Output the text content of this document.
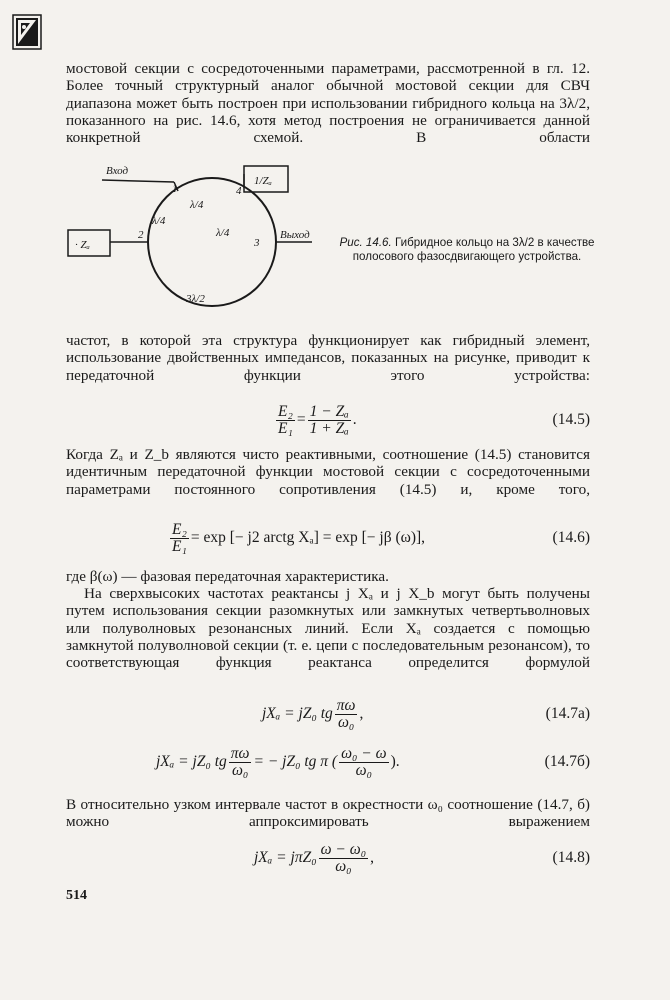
мостовой секции с сосредоточенными параметрами, рассмотренной в гл. 12. Более точный структурный аналог обычной мостовой секции для СВЧ диапазона может быть построен при использовании гибридного кольца на 3λ/2, показанного на рис. 14.6, хотя метод построения не ограничивается данной конкретной схемой. В области

Вход
Выход
1/Zₐ
· Zₐ
1
2
3
4
λ/4
λ/4
λ/4
3λ/2
Рис. 14.6. Гибридное кольцо на 3λ/2 в качестве полосового фазосдвигающего устройства.

частот, в которой эта структура функционирует как гибридный элемент, использование двойственных импедансов, показанных на рисунке, приводит к передаточной функции этого устройства:

$\frac{\text{E₂}}{\text{E₁}} = \frac{\text{1 − Zₐ}}{\text{1 + Zₐ}}$ .	(14.5)

Когда Zₐ и Z_b являются чисто реактивными, соотношение (14.5) становится идентичным передаточной функции мостовой секции с сосредоточенными параметрами постоянного сопротивления (14.5) и, кроме того,

$\frac{\text{E₂}}{\text{E₁}} = \exp$ [− j2 arctg Xₐ] = exp [− jβ (ω)],	(14.6)

где β(ω) — фазовая передаточная характеристика.

На сверхвысоких частотах реактансы j Xₐ и j X_b могут быть получены путем использования секции разомкнутых или замкнутых четвертьволновых или полуволновых резонансных линий. Если Xₐ создается с помощью замкнутой полуволновой секции (т. е. цепи с последовательным резонансом), то соответствующая функция реактанса определится формулой

jXₐ = jZ₀ tg $\frac{\pi\omega}{\text{ω₀}}$ ,	(14.7а)
jXₐ = jZ₀ tg $\frac{\pi\omega}{\text{ω₀}}$ = − jZ₀ tg π ( $\frac{\text{ω₀ − ω}}{\text{ω₀}}$ ).	(14.7б)

В относительно узком интервале частот в окрестности ω₀ соотношение (14.7, б) можно аппроксимировать выражением

$jX_a = j\pi Z_0 \frac{\text{ω − ω₀}}{\text{ω₀}}$ ,	(14.8)
514
